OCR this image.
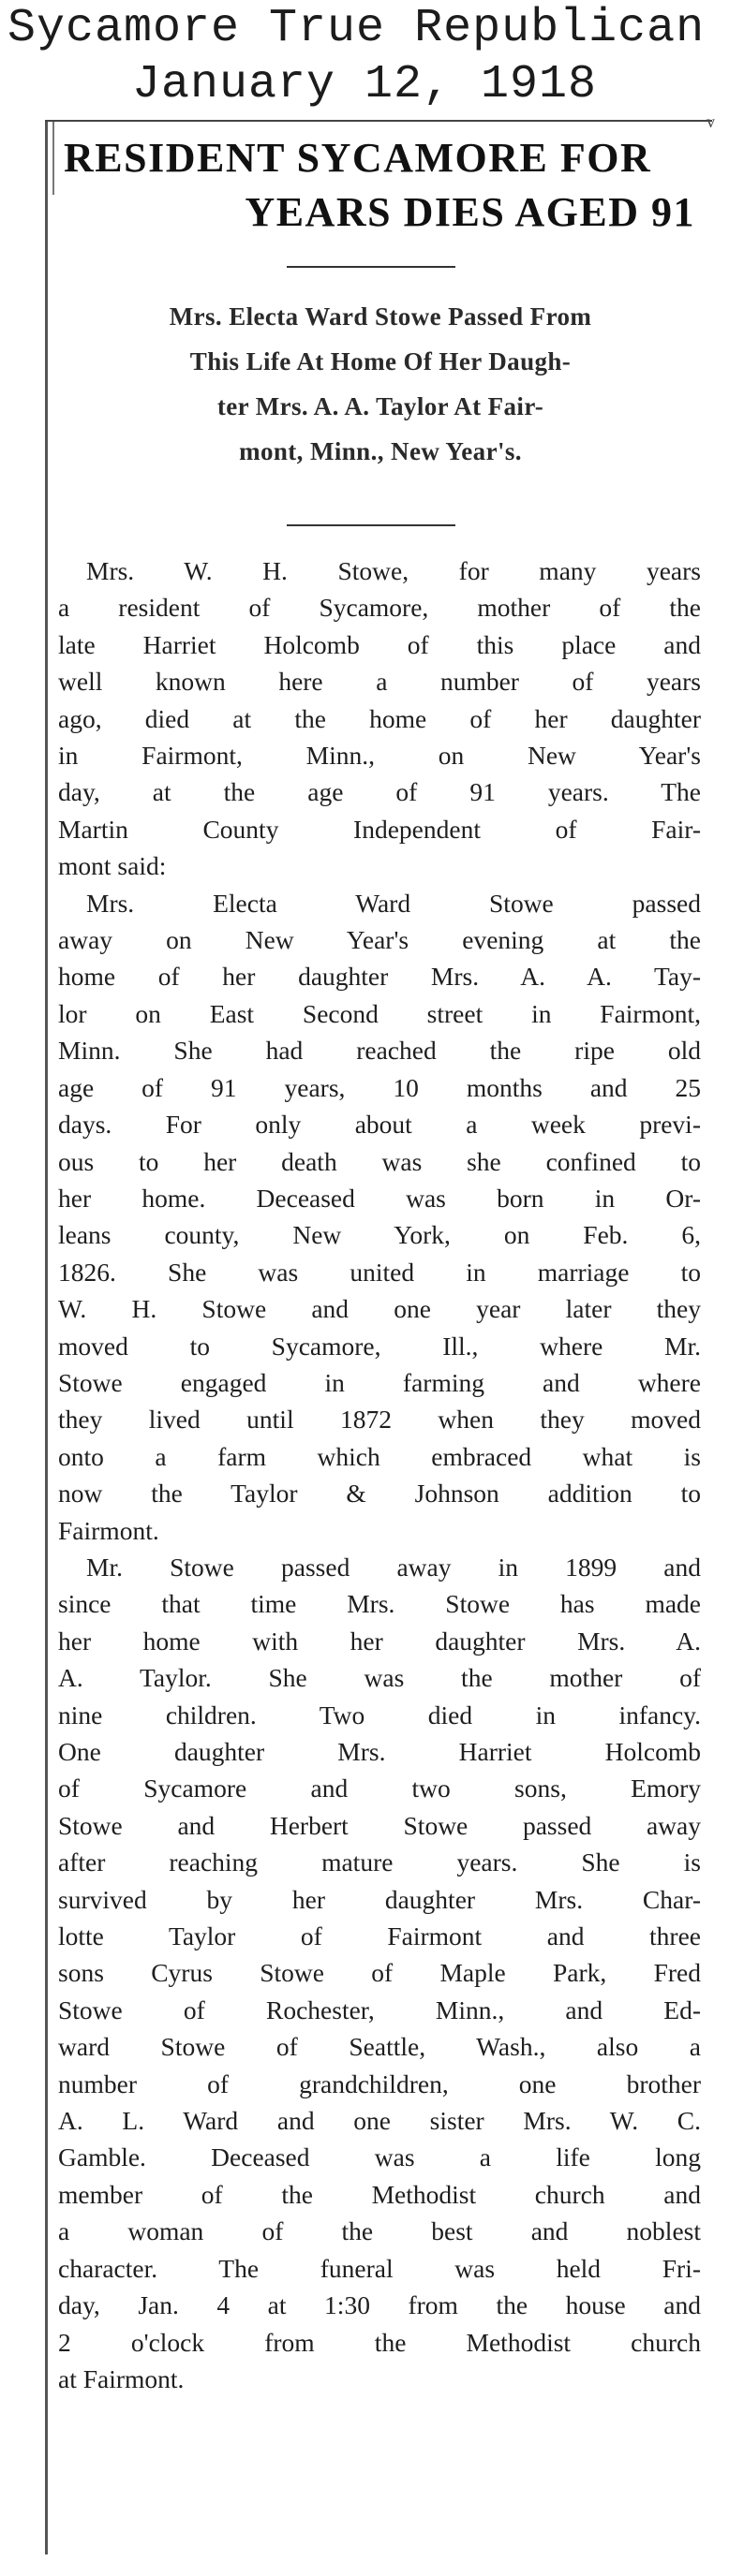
Sycamore True Republican
January 12, 1918
v
RESIDENT SYCAMORE FOR
YEARS DIES AGED 91
Mrs. Electa Ward Stowe Passed From
This Life At Home Of Her Daugh-
ter Mrs. A. A. Taylor At Fair-
mont, Minn., New Year's.
Mrs. W. H. Stowe, for many years
a resident of Sycamore, mother of the
late Harriet Holcomb of this place and
well known here a number of years
ago, died at the home of her daughter
in Fairmont, Minn., on New Year's
day, at the age of 91 years. The
Martin County Independent of Fair-
mont said:
Mrs. Electa Ward Stowe passed
away on New Year's evening at the
home of her daughter Mrs. A. A. Tay-
lor on East Second street in Fairmont,
Minn. She had reached the ripe old
age of 91 years, 10 months and 25
days. For only about a week previ-
ous to her death was she confined to
her home. Deceased was born in Or-
leans county, New York, on Feb. 6,
1826. She was united in marriage to
W. H. Stowe and one year later they
moved to Sycamore, Ill., where Mr.
Stowe engaged in farming and where
they lived until 1872 when they moved
onto a farm which embraced what is
now the Taylor & Johnson addition to
Fairmont.
Mr. Stowe passed away in 1899 and
since that time Mrs. Stowe has made
her home with her daughter Mrs. A.
A. Taylor. She was the mother of
nine children. Two died in infancy.
One daughter Mrs. Harriet Holcomb
of Sycamore and two sons, Emory
Stowe and Herbert Stowe passed away
after reaching mature years. She is
survived by her daughter Mrs. Char-
lotte Taylor of Fairmont and three
sons Cyrus Stowe of Maple Park, Fred
Stowe of Rochester, Minn., and Ed-
ward Stowe of Seattle, Wash., also a
number of grandchildren, one brother
A. L. Ward and one sister Mrs. W. C.
Gamble. Deceased was a life long
member of the Methodist church and
a woman of the best and noblest
character. The funeral was held Fri-
day, Jan. 4 at 1:30 from the house and
2 o'clock from the Methodist church
at Fairmont.
